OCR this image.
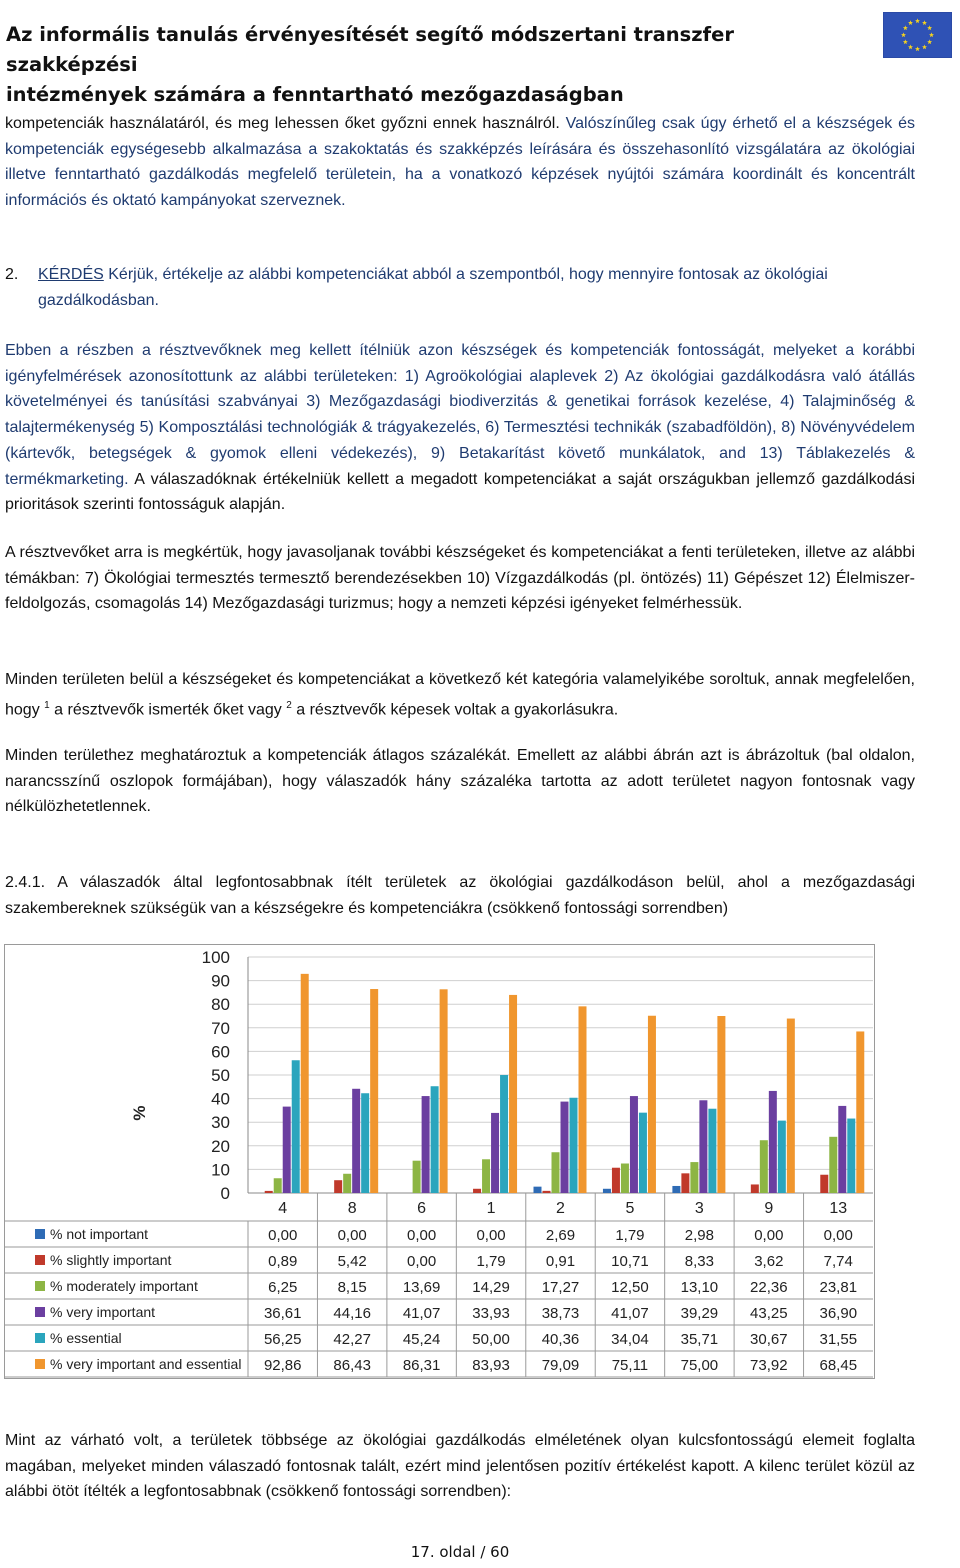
Az informális tanulás érvényesítését segítő módszertani transzfer szakképzési
intézmények számára a fenntartható mezőgazdaságban

kompetenciák használatáról, és meg lehessen őket győzni ennek használról. Valószínűleg csak úgy érhető el a készségek és kompetenciák egységesebb alkalmazása a szakoktatás és szakképzés leírására és összehasonlító vizsgálatára az ökológiai illetve fenntartható gazdálkodás megfelelő területein, ha a vonatkozó képzések nyújtói számára koordinált és koncentrált információs és oktató kampányokat szerveznek.

2.	KÉRDÉS Kérjük, értékelje az alábbi kompetenciákat abból a szempontból, hogy mennyire fontosak az ökológiai gazdálkodásban.

Ebben a részben a résztvevőknek meg kellett ítélniük azon készségek és kompetenciák fontosságát, melyeket a korábbi igényfelmérések azonosítottunk az alábbi területeken: 1) Agroökológiai alaplevek 2) Az ökológiai gazdálkodásra való átállás követelményei és tanúsítási szabványai 3) Mezőgazdasági biodiverzitás & genetikai források kezelése, 4) Talajminőség & talajtermékenység 5) Komposztálási technológiák & trágyakezelés, 6) Termesztési technikák (szabadföldön), 8) Növényvédelem (kártevők, betegségek & gyomok elleni védekezés), 9) Betakarítást követő munkálatok, and 13) Táblakezelés & termékmarketing. A válaszadóknak értékelniük kellett a megadott kompetenciákat a saját országukban jellemző gazdálkodási prioritások szerinti fontosságuk alapján.

A résztvevőket arra is megkértük, hogy javasoljanak további készségeket és kompetenciákat a fenti területeken, illetve az alábbi témákban: 7) Ökológiai termesztés termesztő berendezésekben 10) Vízgazdálkodás (pl. öntözés) 11) Gépészet 12) Élelmiszer-feldolgozás, csomagolás 14) Mezőgazdasági turizmus; hogy a nemzeti képzési igényeket felmérhessük.

Minden területen belül a készségeket és kompetenciákat a következő két kategória valamelyikébe soroltuk, annak megfelelően, hogy $^1$ a résztvevők ismerték őket vagy $^2$ a résztvevők képesek voltak a gyakorlásukra.

Minden területhez meghatároztuk a kompetenciák átlagos százalékát. Emellett az alábbi ábrán azt is ábrázoltuk (bal oldalon, narancsszínű oszlopok formájában), hogy válaszadók hány százaléka tartotta az adott területet nagyon fontosnak vagy nélkülözhetetlennek.

2.4.1. A válaszadók által legfontosabbnak ítélt területek az ökológiai gazdálkodáson belül, ahol a mezőgazdasági szakembereknek szükségük van a készségekre és kompetenciákra (csökkenő fontossági sorrendben)

0
10
20
30
40
50
60
70
80
90
100
%
4	8	6	1	2	5	3	9	13
% not important	0,00	0,00	0,00	0,00	2,69	1,79	2,98	0,00	0,00
% slightly important	0,89	5,42	0,00	1,79	0,91 10,71 8,33	3,62	7,74
% moderately important	6,25	8,15 13,69 14,29 17,27 12,50 13,10 22,36 23,81
% very important	36,61 44,16 41,07 33,93 38,73 41,07 39,29 43,25 36,90
% essential	56,25 42,27 45,24 50,00 40,36 34,04 35,71 30,67 31,55
% very important and essential 92,86 86,43 86,31 83,93 79,09 75,11 75,00 73,92 68,45

Mint az várható volt, a területek többsége az ökológiai gazdálkodás elméletének olyan kulcsfontosságú elemeit foglalta magában, melyeket minden válaszadó fontosnak talált, ezért mind jelentősen pozitív értékelést kapott. A kilenc terület közül az alábbi ötöt ítélték a legfontosabbnak (csökkenő fontossági sorrendben):

17. oldal / 60
